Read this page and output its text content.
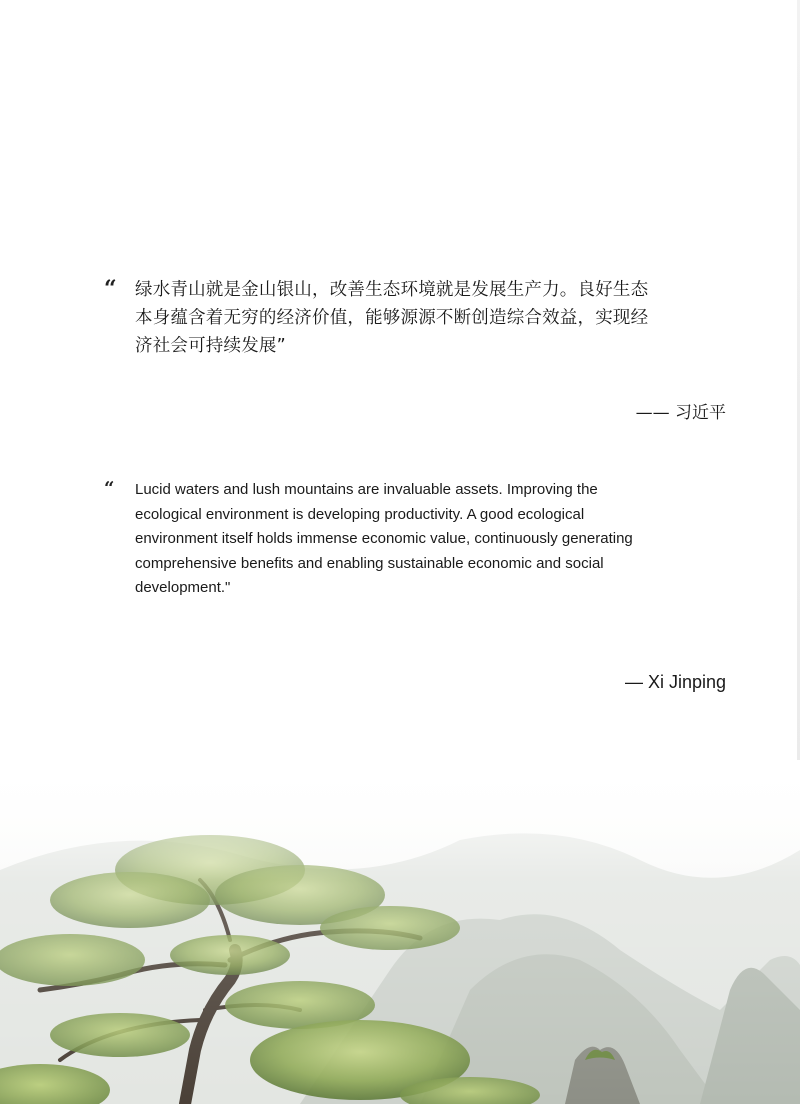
“ 绿水青山就是金山银山，改善生态环境就是发展生产力。良好生态本身蕴含着无穷的经济价值，能够源源不断创造综合效益，实现经济社会可持续发展”

—— 习近平
“ Lucid waters and lush mountains are invaluable assets. Improving the ecological environment is developing productivity. A good ecological environment itself holds immense economic value, continuously generating comprehensive benefits and enabling sustainable economic and social development."

— Xi Jinping
